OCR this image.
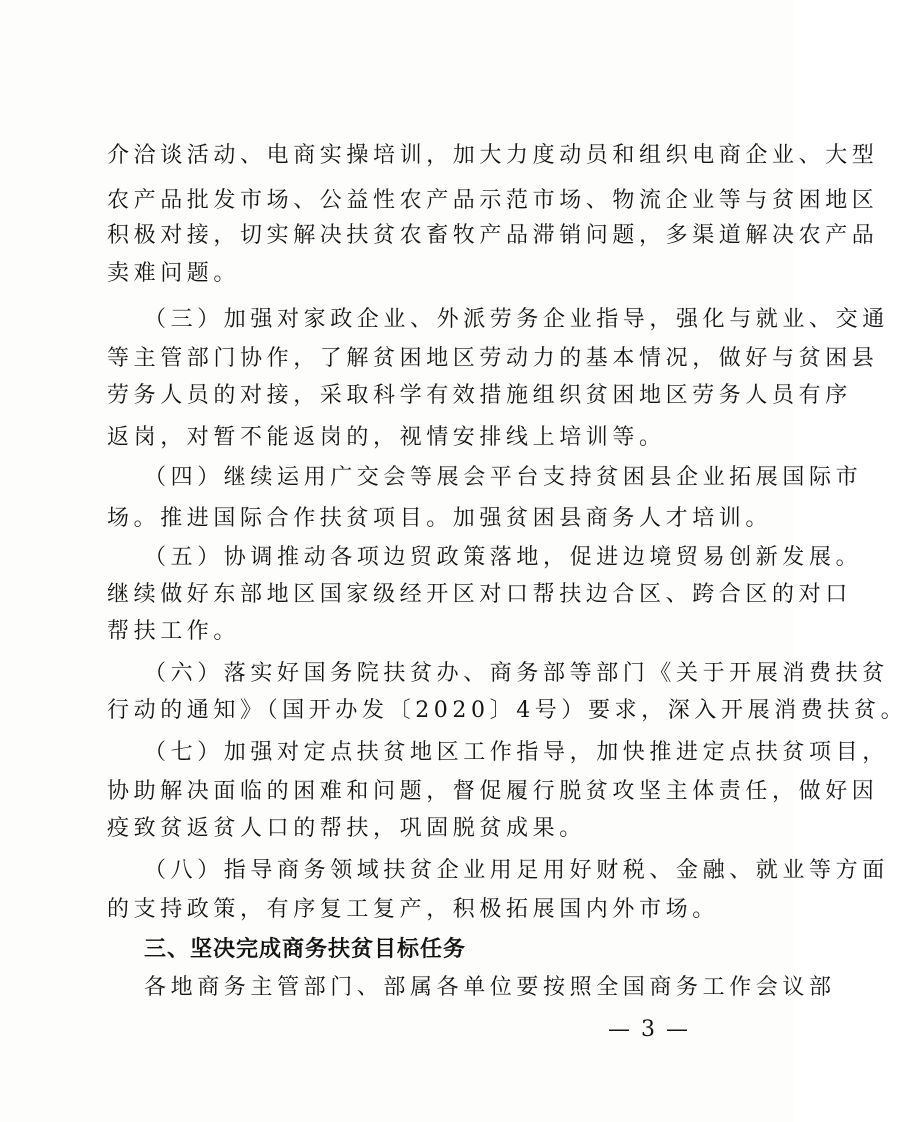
介洽谈活动、电商实操培训，加大力度动员和组织电商企业、大型
农产品批发市场、公益性农产品示范市场、物流企业等与贫困地区
积极对接，切实解决扶贫农畜牧产品滞销问题，多渠道解决农产品
卖难问题。
（三）加强对家政企业、外派劳务企业指导，强化与就业、交通
等主管部门协作，了解贫困地区劳动力的基本情况，做好与贫困县
劳务人员的对接，采取科学有效措施组织贫困地区劳务人员有序
返岗，对暂不能返岗的，视情安排线上培训等。
（四）继续运用广交会等展会平台支持贫困县企业拓展国际市
场。推进国际合作扶贫项目。加强贫困县商务人才培训。
（五）协调推动各项边贸政策落地，促进边境贸易创新发展。
继续做好东部地区国家级经开区对口帮扶边合区、跨合区的对口
帮扶工作。
（六）落实好国务院扶贫办、商务部等部门《关于开展消费扶贫
行动的通知》（国开办发〔2020〕4号）要求，深入开展消费扶贫。
（七）加强对定点扶贫地区工作指导，加快推进定点扶贫项目，
协助解决面临的困难和问题，督促履行脱贫攻坚主体责任，做好因
疫致贫返贫人口的帮扶，巩固脱贫成果。
（八）指导商务领域扶贫企业用足用好财税、金融、就业等方面
的支持政策，有序复工复产，积极拓展国内外市场。
三、坚决完成商务扶贫目标任务
各地商务主管部门、部属各单位要按照全国商务工作会议部
— 3 —
